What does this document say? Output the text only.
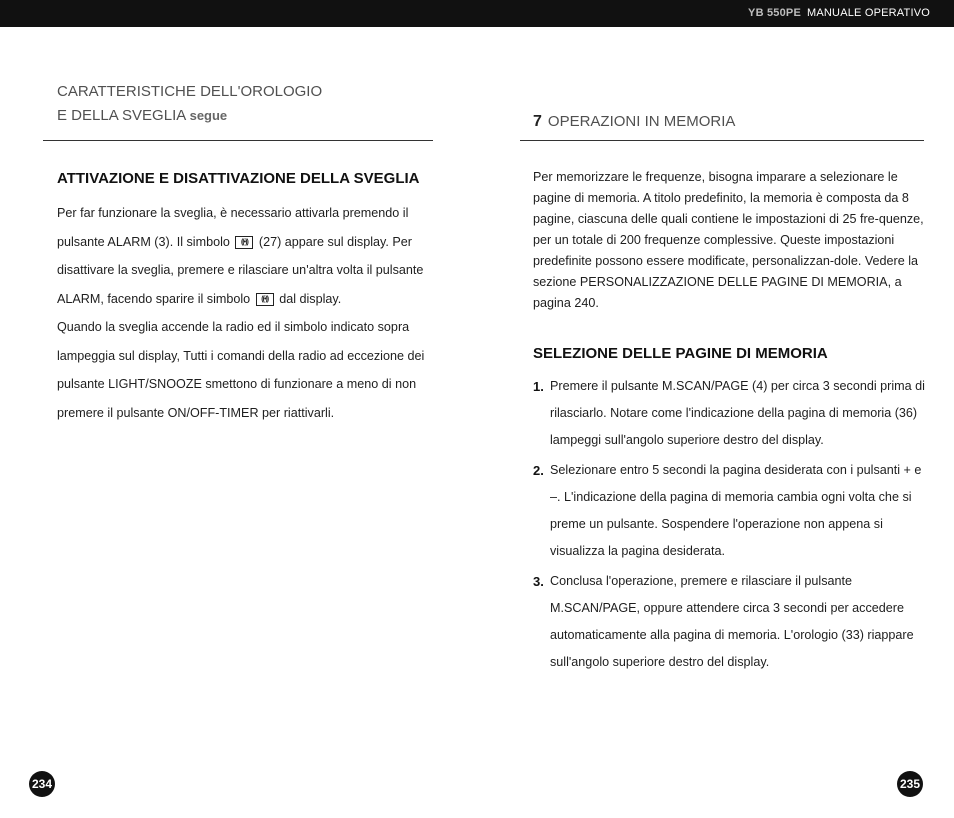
YB 550PE MANUALE OPERATIVO
CARATTERISTICHE DELL'OROLOGIO
E DELLA SVEGLIA segue
ATTIVAZIONE E DISATTIVAZIONE DELLA SVEGLIA

Per far funzionare la sveglia, è necessario attivarla premendo il pulsante ALARM (3). Il simbolo ((•)) (27) appare sul display. Per disattivare la sveglia, premere e rilasciare un'altra volta il pulsante ALARM, facendo sparire il simbolo ((•)) dal display.

Quando la sveglia accende la radio ed il simbolo indicato sopra lampeggia sul display, Tutti i comandi della radio ad eccezione dei pulsante LIGHT/SNOOZE smettono di funzionare a meno di non premere il pulsante ON/OFF-TIMER per riattivarli.

234
7 OPERAZIONI IN MEMORIA

Per memorizzare le frequenze, bisogna imparare a selezionare le pagine di memoria. A titolo predefinito, la memoria è composta da 8 pagine, ciascuna delle quali contiene le impostazioni di 25 fre-quenze, per un totale di 200 frequenze complessive. Queste impostazioni predefinite possono essere modificate, personalizzan-dole. Vedere la sezione PERSONALIZZAZIONE DELLE PAGINE DI MEMORIA, a pagina 240.

SELEZIONE DELLE PAGINE DI MEMORIA
1. Premere il pulsante M.SCAN/PAGE (4) per circa 3 secondi prima di rilasciarlo. Notare come l'indicazione della pagina di memoria (36) lampeggi sull'angolo superiore destro del display.
2. Selezionare entro 5 secondi la pagina desiderata con i pulsanti + e –. L'indicazione della pagina di memoria cambia ogni volta che si preme un pulsante. Sospendere l'operazione non appena si visualizza la pagina desiderata.
3. Conclusa l'operazione, premere e rilasciare il pulsante M.SCAN/PAGE, oppure attendere circa 3 secondi per accedere automaticamente alla pagina di memoria. L'orologio (33) riappare sull'angolo superiore destro del display.
235
